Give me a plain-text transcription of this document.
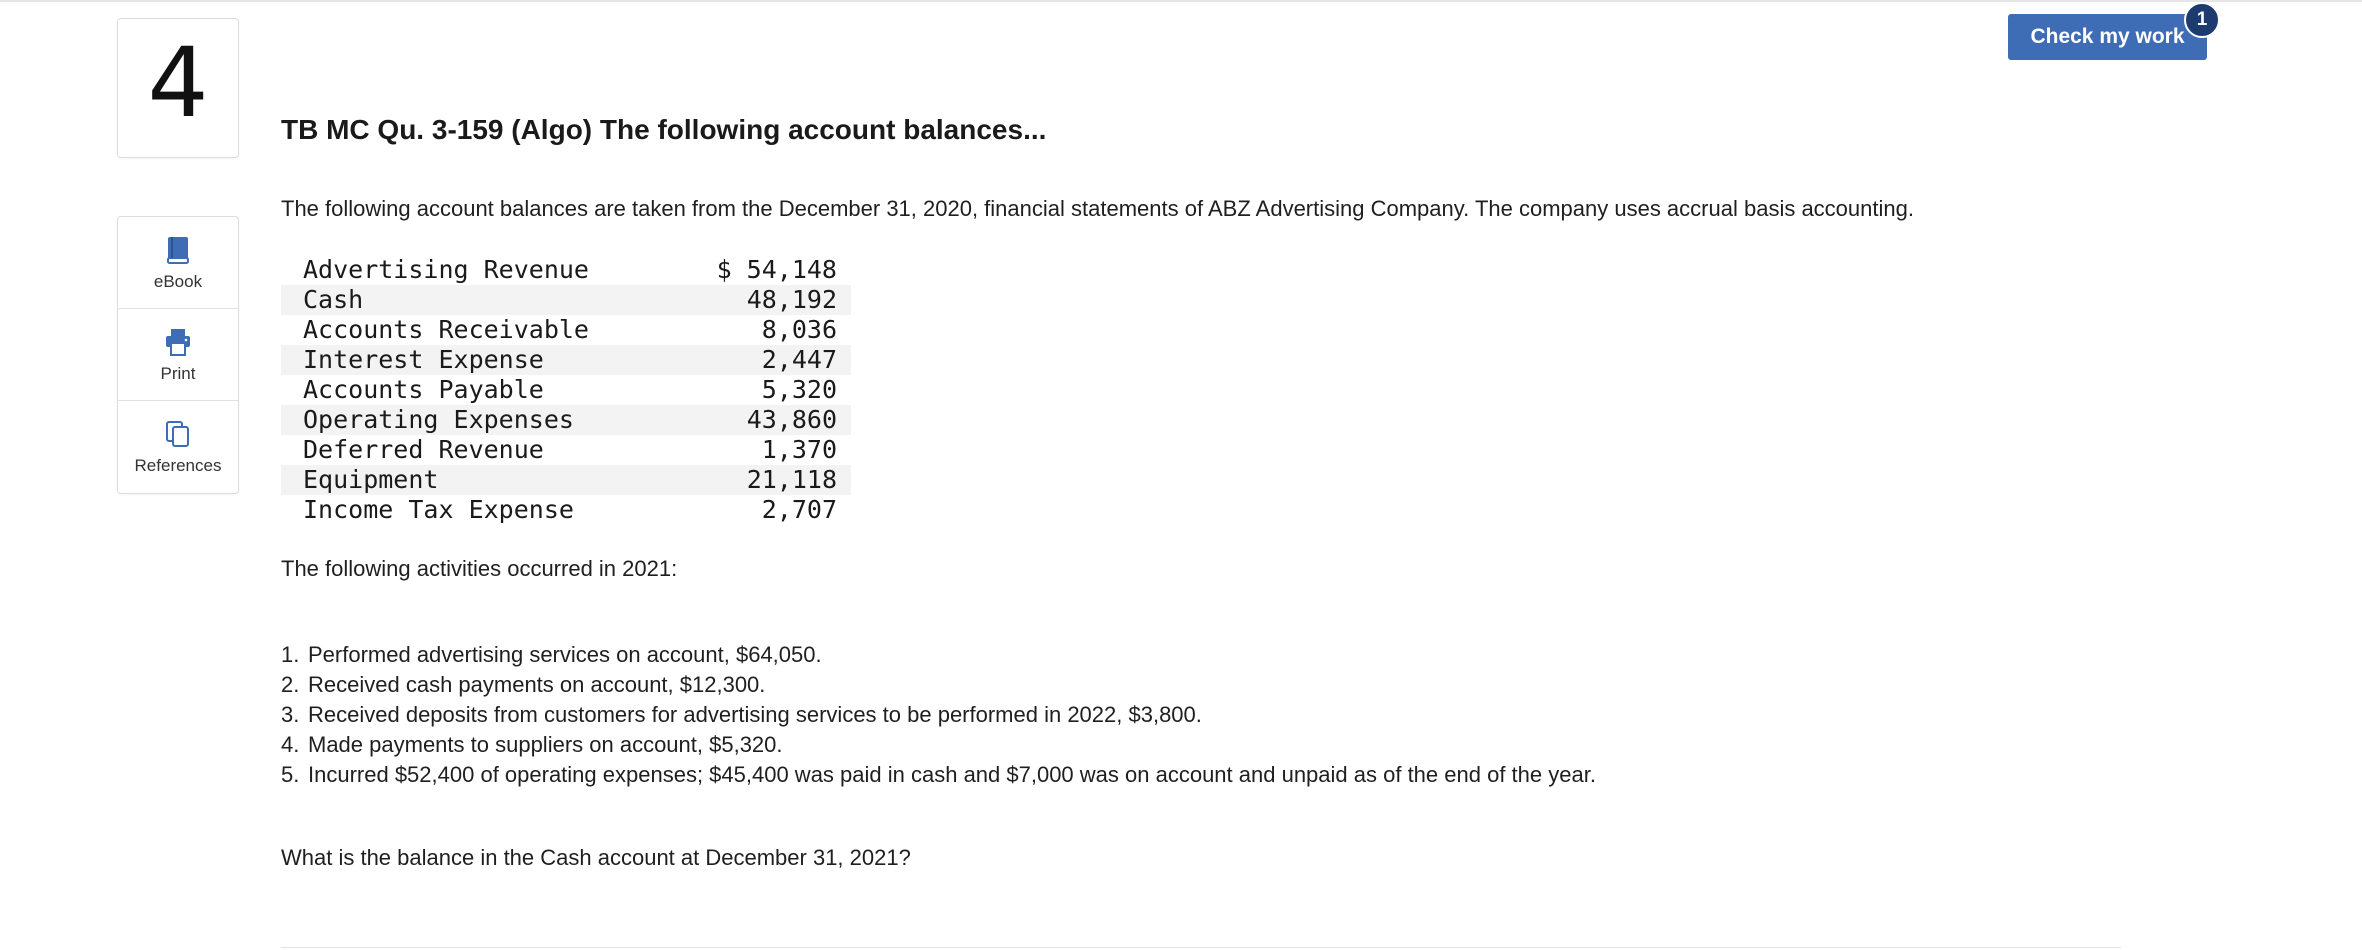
4
eBook
Print
References
Check my work
1
TB MC Qu. 3-159 (Algo) The following account balances...
The following account balances are taken from the December 31, 2020, financial statements of ABZ Advertising Company. The company uses accrual basis accounting.
Advertising Revenue	$ 54,148
Cash	48,192
Accounts Receivable	8,036
Interest Expense	2,447
Accounts Payable	5,320
Operating Expenses	43,860
Deferred Revenue	1,370
Equipment	21,118
Income Tax Expense	2,707
The following activities occurred in 2021:
1. Performed advertising services on account, $64,050.
2. Received cash payments on account, $12,300.
3. Received deposits from customers for advertising services to be performed in 2022, $3,800.
4. Made payments to suppliers on account, $5,320.
5. Incurred $52,400 of operating expenses; $45,400 was paid in cash and $7,000 was on account and unpaid as of the end of the year.
What is the balance in the Cash account at December 31, 2021?
